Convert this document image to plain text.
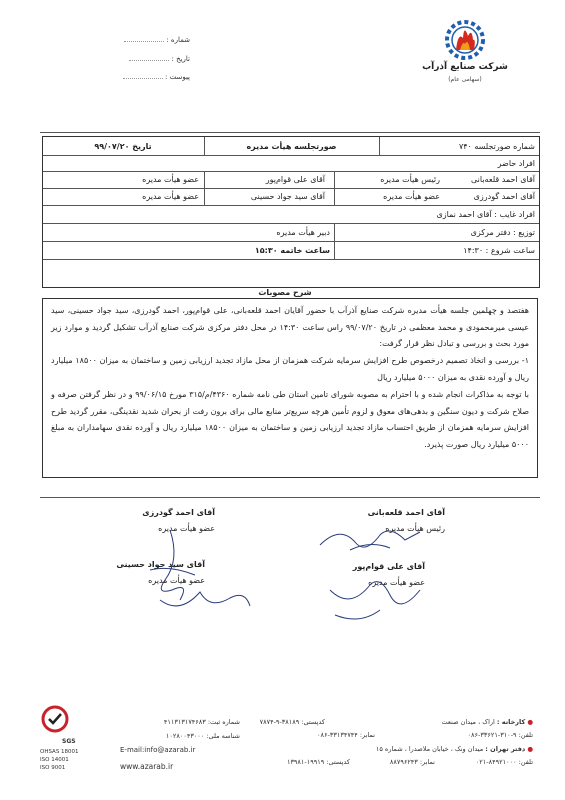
شرکت صنایع آذرآب
(سهامی عام)
شماره :
تاریخ :
پیوست :
شماره صورتجلسه ۷۴۰
صورتجلسه هیأت مدیره
تاریخ ۹۹/۰۷/۲۰
افراد حاضر
آقای احمد قلعه‌بانی
رئیس هیأت مدیره
آقای علی قوام‌پور
عضو هیأت مدیره
آقای احمد گودرزی
عضو هیأت مدیره
آقای سید جواد حسینی
عضو هیأت مدیره
افراد غایب : آقای احمد نمازی
توزیع : دفتر مرکزی
دبیر هیأت مدیره
ساعت شروع : ۱۴:۳۰
ساعت خاتمه ۱۵:۳۰
شرح مصوبات
هفتصد و چهلمین جلسه هیأت مدیره شرکت صنایع آذرآب با حضور آقایان احمد قلعه‌بانی، علی قوام‌پور، احمد گودرزی، سید جواد حسینی، سید عیسی میرمحمودی و محمد معظمی در تاریخ ۹۹/۰۷/۲۰ راس ساعت ۱۴:۳۰ در محل دفتر مرکزی شرکت صنایع آذرآب تشکیل گردید و موارد زیر مورد بحث و بررسی و تبادل نظر قرار گرفت:
۱- بررسی و اتخاذ تصمیم درخصوص طرح افزایش سرمایه شرکت همزمان از محل مازاد تجدید ارزیابی زمین و ساختمان به میزان ۱۸۵۰۰ میلیارد ریال و آورده نقدی به میزان ۵۰۰۰ میلیارد ریال
با توجه به مذاکرات انجام شده و با احترام به مصوبه شورای تامین استان طی نامه شماره ۴۳۶۰/م/۳۱۵ مورخ ۹۹/۰۶/۱۵ و در نظر گرفتن صرفه و صلاح شرکت و دیون سنگین و بدهی‌های معوق و لزوم تأمین هرچه سریع‌تر منابع مالی برای برون رفت از بحران شدید نقدینگی، مقرر گردید طرح افزایش سرمایه همزمان از طریق احتساب مازاد تجدید ارزیابی زمین و ساختمان به میزان ۱۸۵۰۰ میلیارد ریال و آورده نقدی سهامداران به مبلغ ۵۰۰۰ میلیارد ریال صورت پذیرد.
آقای احمد قلعه‌بانی
رئیس هیأت مدیره
آقای احمد گودرزی
عضو هیأت مدیره
آقای علی قوام‌پور
عضو هیأت مدیره
آقای سید جواد حسینی
عضو هیأت مدیره
● کارخانه : اراک ، میدان صنعت
کدپستی: ۳۸۱۸۹-۹-۷۸۷۴
تلفن: ۹-۳۱۰-۳۳۶۲۱-۰۸۶
نمابر: ۳۳۱۳۴۷۴۴-۰۸۶
● دفتر تهران : میدان ونک ، خیابان ملاصدرا ، شماره ۱۵
تلفن: ۸۴۹۲۱۰۰۰-۰۲۱
نمابر: ۸۸۷۹۶۲۴۳
کدپستی: ۱۹۹۱۹-۱۳۹۸۱
شماره ثبت: ۴۱۱۳۱۳۱۷۴۶۸۳
شناسه ملی: ۱۰۲۸۰۰۴۳۰۰۰
E-mail:info@azarab.ir
www.azarab.ir
SGS
OHSAS 18001
ISO 14001
ISO 9001
